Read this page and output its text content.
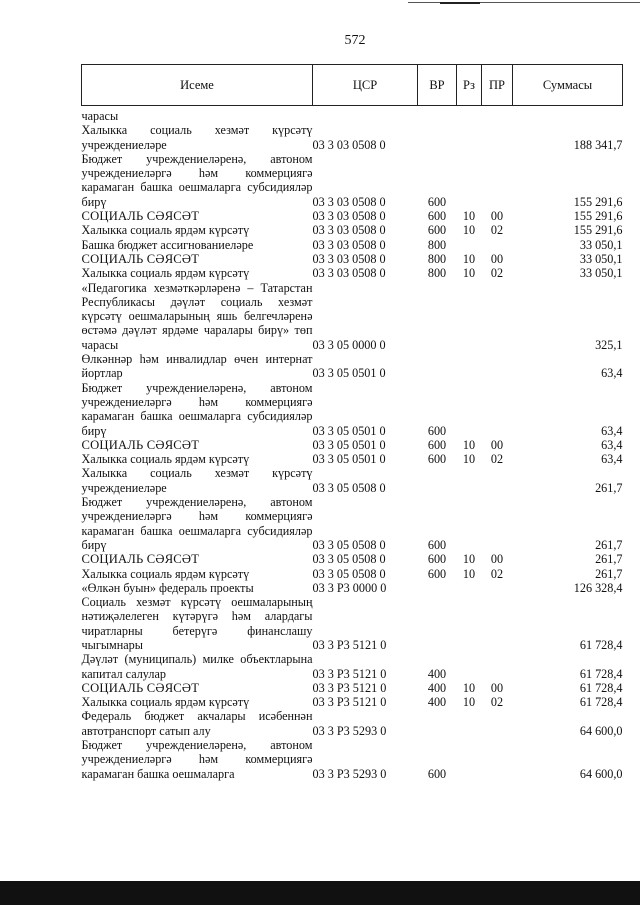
572
Исеме	ЦСР	ВР	Рз	ПР	Суммасы
чарасы					
Халыкка социаль хезмәт күрсәтү учреждениеләре	03 3 03 0508 0				188 341,7
Бюджет учреждениеләренә, автоном учреждениеләргә һәм коммерциягә карамаган башка оешмаларга субсидияләр бирү	03 3 03 0508 0	600			155 291,6
СОЦИАЛЬ СӘЯСӘТ	03 3 03 0508 0	600	10	00	155 291,6
Халыкка социаль ярдәм күрсәтү	03 3 03 0508 0	600	10	02	155 291,6
Башка бюджет ассигнованиеләре	03 3 03 0508 0	800			33 050,1
СОЦИАЛЬ СӘЯСӘТ	03 3 03 0508 0	800	10	00	33 050,1
Халыкка социаль ярдәм күрсәтү	03 3 03 0508 0	800	10	02	33 050,1
«Педагогика хезмәткәрләренә – Татарстан Республикасы дәүләт социаль хезмәт күрсәтү оешмаларының яшь белгечләренә өстәмә дәүләт ярдәме чаралары бирү» төп чарасы	03 3 05 0000 0				325,1
Өлкәннәр һәм инвалидлар өчен интернат йортлар	03 3 05 0501 0				63,4
Бюджет учреждениеләренә, автоном учреждениеләргә һәм коммерциягә карамаган башка оешмаларга субсидияләр бирү	03 3 05 0501 0	600			63,4
СОЦИАЛЬ СӘЯСӘТ	03 3 05 0501 0	600	10	00	63,4
Халыкка социаль ярдәм күрсәтү	03 3 05 0501 0	600	10	02	63,4
Халыкка социаль хезмәт күрсәтү учреждениеләре	03 3 05 0508 0				261,7
Бюджет учреждениеләренә, автоном учреждениеләргә һәм коммерциягә карамаган башка оешмаларга субсидияләр бирү	03 3 05 0508 0	600			261,7
СОЦИАЛЬ СӘЯСӘТ	03 3 05 0508 0	600	10	00	261,7
Халыкка социаль ярдәм күрсәтү	03 3 05 0508 0	600	10	02	261,7
«Өлкән буын» федераль проекты	03 3 Р3 0000 0				126 328,4
Социаль хезмәт күрсәтү оешмаларының нәтиҗәлелеген күтәрүгә һәм алардагы чиратларны бетерүгә финанслашу чыгымнары	03 3 Р3 5121 0				61 728,4
Дәүләт (муниципаль) милке объектларына капитал салулар	03 3 Р3 5121 0	400			61 728,4
СОЦИАЛЬ СӘЯСӘТ	03 3 Р3 5121 0	400	10	00	61 728,4
Халыкка социаль ярдәм күрсәтү	03 3 Р3 5121 0	400	10	02	61 728,4
Федераль бюджет акчалары исәбеннән автотранспорт сатып алу	03 3 Р3 5293 0				64 600,0
Бюджет учреждениеләренә, автоном учреждениеләргә һәм коммерциягә карамаган башка оешмаларга	03 3 Р3 5293 0	600			64 600,0
